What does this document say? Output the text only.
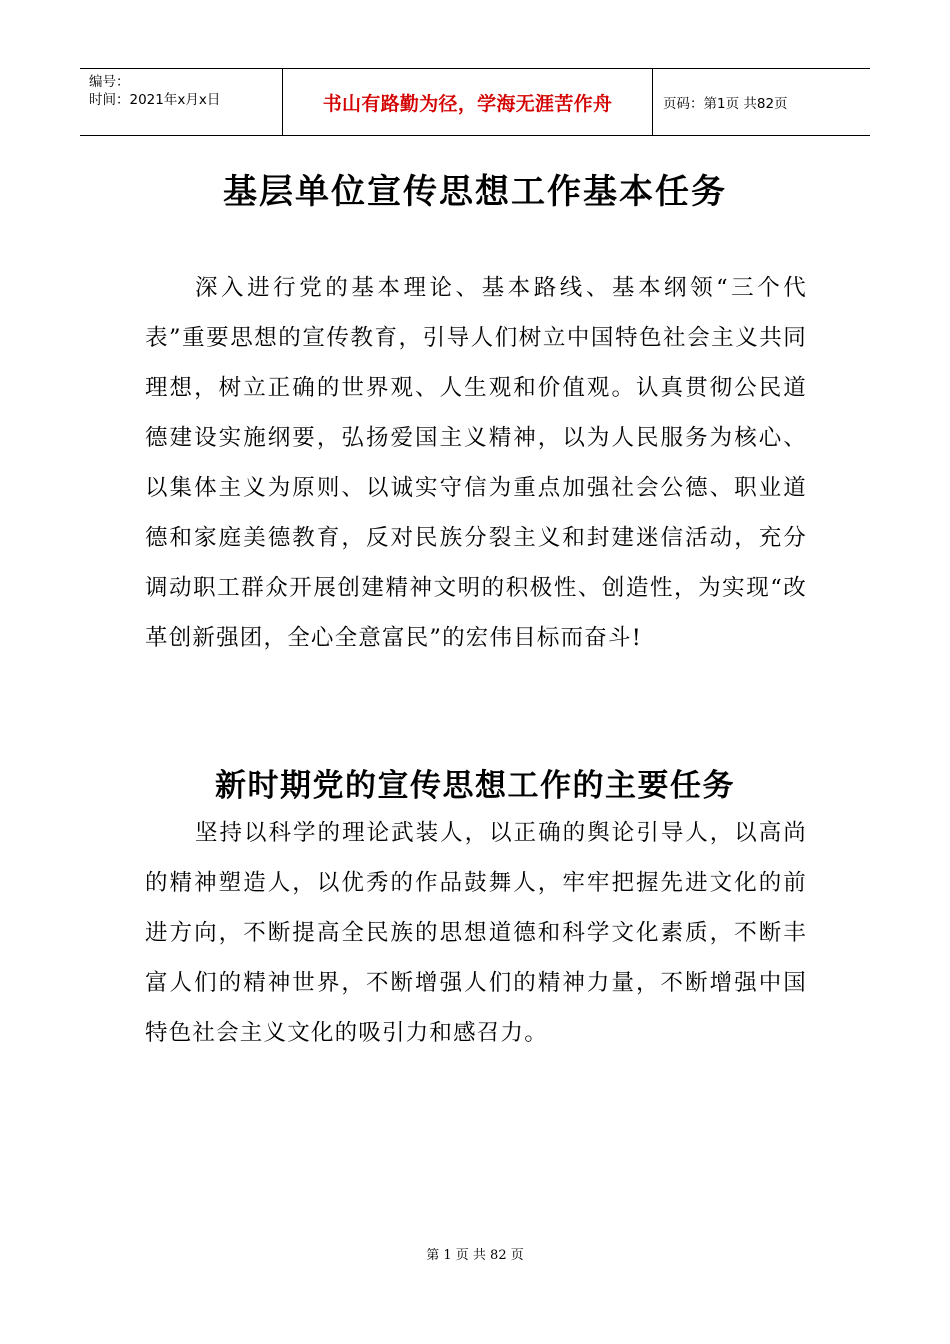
编号：
时间：2021年x月x日	书山有路勤为径，学海无涯苦作舟	页码：第1页 共82页
基层单位宣传思想工作基本任务

深入进行党的基本理论、基本路线、基本纲领“三个代表”重要思想的宣传教育，引导人们树立中国特色社会主义共同理想，树立正确的世界观、人生观和价值观。认真贯彻公民道德建设实施纲要，弘扬爱国主义精神，以为人民服务为核心、以集体主义为原则、以诚实守信为重点加强社会公德、职业道德和家庭美德教育，反对民族分裂主义和封建迷信活动，充分调动职工群众开展创建精神文明的积极性、创造性，为实现“改革创新强团，全心全意富民”的宏伟目标而奋斗!

新时期党的宣传思想工作的主要任务

坚持以科学的理论武装人，以正确的舆论引导人，以高尚的精神塑造人，以优秀的作品鼓舞人，牢牢把握先进文化的前进方向，不断提高全民族的思想道德和科学文化素质，不断丰富人们的精神世界，不断增强人们的精神力量，不断增强中国特色社会主义文化的吸引力和感召力。

第 1 页 共 82 页
